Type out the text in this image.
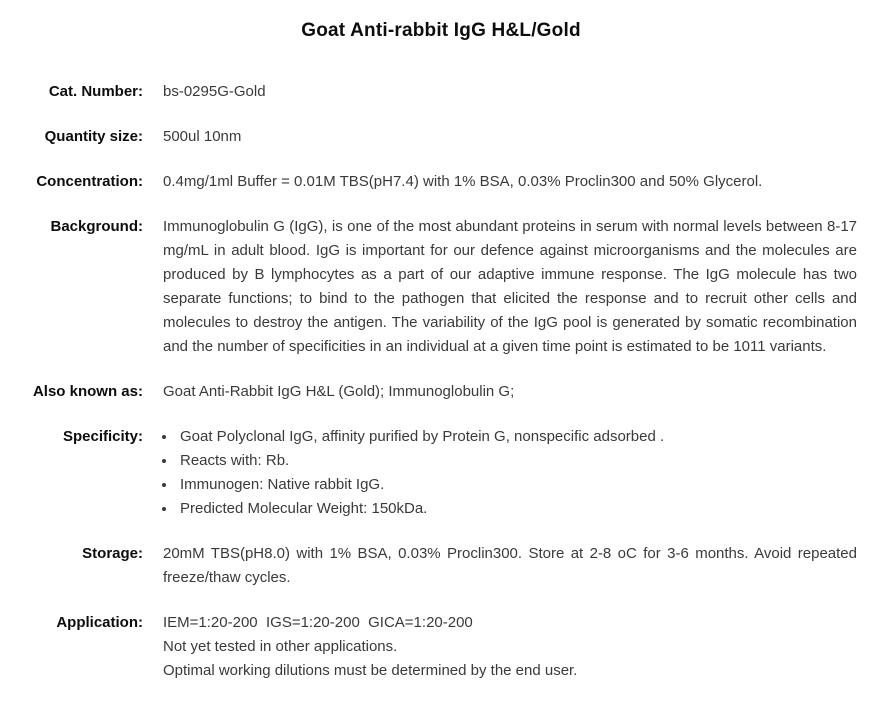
Goat Anti-rabbit IgG H&L/Gold
Cat. Number: bs-0295G-Gold
Quantity size: 500ul 10nm
Concentration: 0.4mg/1ml Buffer = 0.01M TBS(pH7.4) with 1% BSA, 0.03% Proclin300 and 50% Glycerol.
Background: Immunoglobulin G (IgG), is one of the most abundant proteins in serum with normal levels between 8-17 mg/mL in adult blood. IgG is important for our defence against microorganisms and the molecules are produced by B lymphocytes as a part of our adaptive immune response. The IgG molecule has two separate functions; to bind to the pathogen that elicited the response and to recruit other cells and molecules to destroy the antigen. The variability of the IgG pool is generated by somatic recombination and the number of specificities in an individual at a given time point is estimated to be 1011 variants.
Also known as: Goat Anti-Rabbit IgG H&L (Gold); Immunoglobulin G;
Specificity: • Goat Polyclonal IgG, affinity purified by Protein G, nonspecific adsorbed .
• Reacts with: Rb.
• Immunogen: Native rabbit IgG.
• Predicted Molecular Weight: 150kDa.
Storage: 20mM TBS(pH8.0) with 1% BSA, 0.03% Proclin300. Store at 2-8 oC for 3-6 months. Avoid repeated freeze/thaw cycles.
Application: IEM=1:20-200  IGS=1:20-200  GICA=1:20-200
Not yet tested in other applications.
Optimal working dilutions must be determined by the end user.
